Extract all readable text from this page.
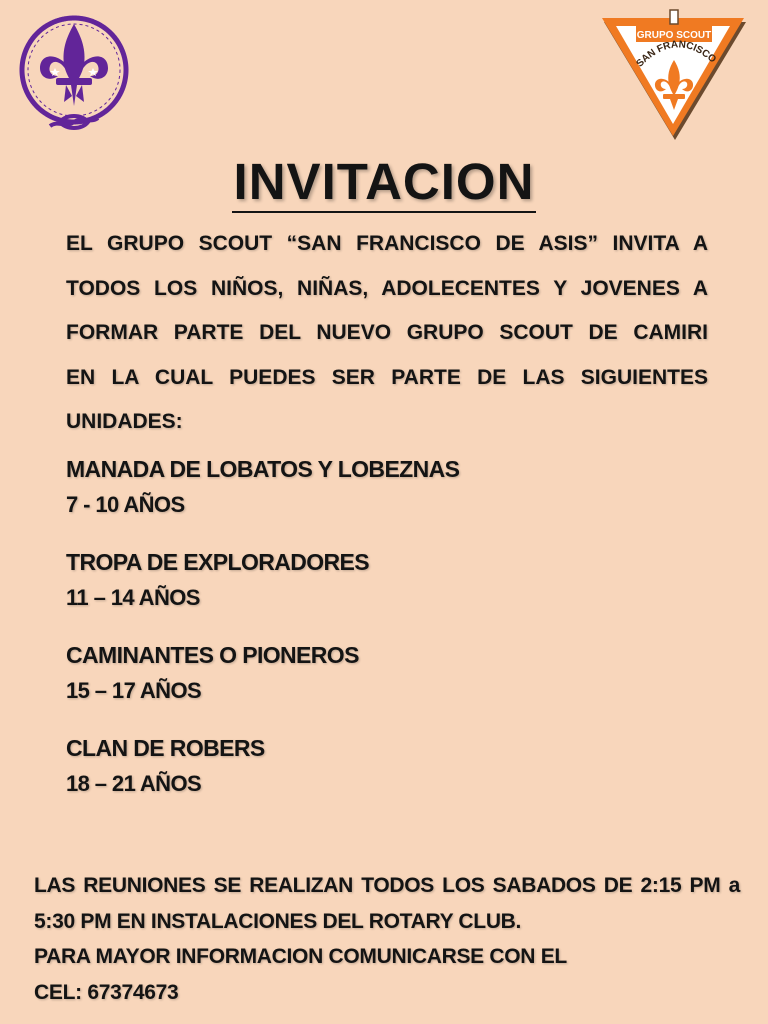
GRUPO SCOUT
SAN FRANCISCO
INVITACION
EL GRUPO SCOUT “SAN FRANCISCO DE ASIS” INVITA A
TODOS LOS NIÑOS, NIÑAS, ADOLECENTES Y JOVENES A
FORMAR PARTE DEL NUEVO GRUPO SCOUT DE CAMIRI
EN LA CUAL PUEDES SER PARTE DE LAS SIGUIENTES
UNIDADES:
MANADA DE LOBATOS Y LOBEZNAS
7 - 10 AÑOS
TROPA DE EXPLORADORES
11 – 14 AÑOS
CAMINANTES O PIONEROS
15 – 17 AÑOS
CLAN DE ROBERS
18 – 21 AÑOS
LAS REUNIONES SE REALIZAN TODOS LOS SABADOS DE 2:15 PM a
5:30 PM EN INSTALACIONES DEL ROTARY CLUB.
PARA MAYOR INFORMACION COMUNICARSE CON EL
CEL: 67374673
